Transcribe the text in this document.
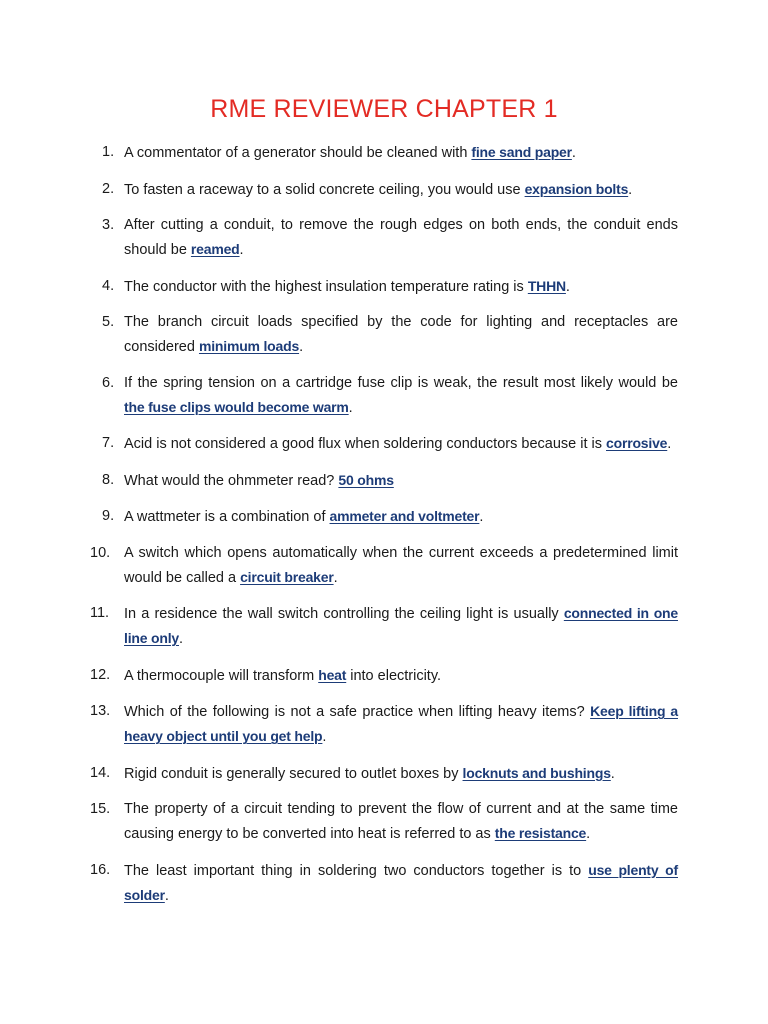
RME REVIEWER CHAPTER 1
1. A commentator of a generator should be cleaned with fine sand paper.
2. To fasten a raceway to a solid concrete ceiling, you would use expansion bolts.
3. After cutting a conduit, to remove the rough edges on both ends, the conduit ends should be reamed.
4. The conductor with the highest insulation temperature rating is THHN.
5. The branch circuit loads specified by the code for lighting and receptacles are considered minimum loads.
6. If the spring tension on a cartridge fuse clip is weak, the result most likely would be the fuse clips would become warm.
7. Acid is not considered a good flux when soldering conductors because it is corrosive.
8. What would the ohmmeter read? 50 ohms
9. A wattmeter is a combination of ammeter and voltmeter.
10. A switch which opens automatically when the current exceeds a predetermined limit would be called a circuit breaker.
11. In a residence the wall switch controlling the ceiling light is usually connected in one line only.
12. A thermocouple will transform heat into electricity.
13. Which of the following is not a safe practice when lifting heavy items? Keep lifting a heavy object until you get help.
14. Rigid conduit is generally secured to outlet boxes by locknuts and bushings.
15. The property of a circuit tending to prevent the flow of current and at the same time causing energy to be converted into heat is referred to as the resistance.
16. The least important thing in soldering two conductors together is to use plenty of solder.
